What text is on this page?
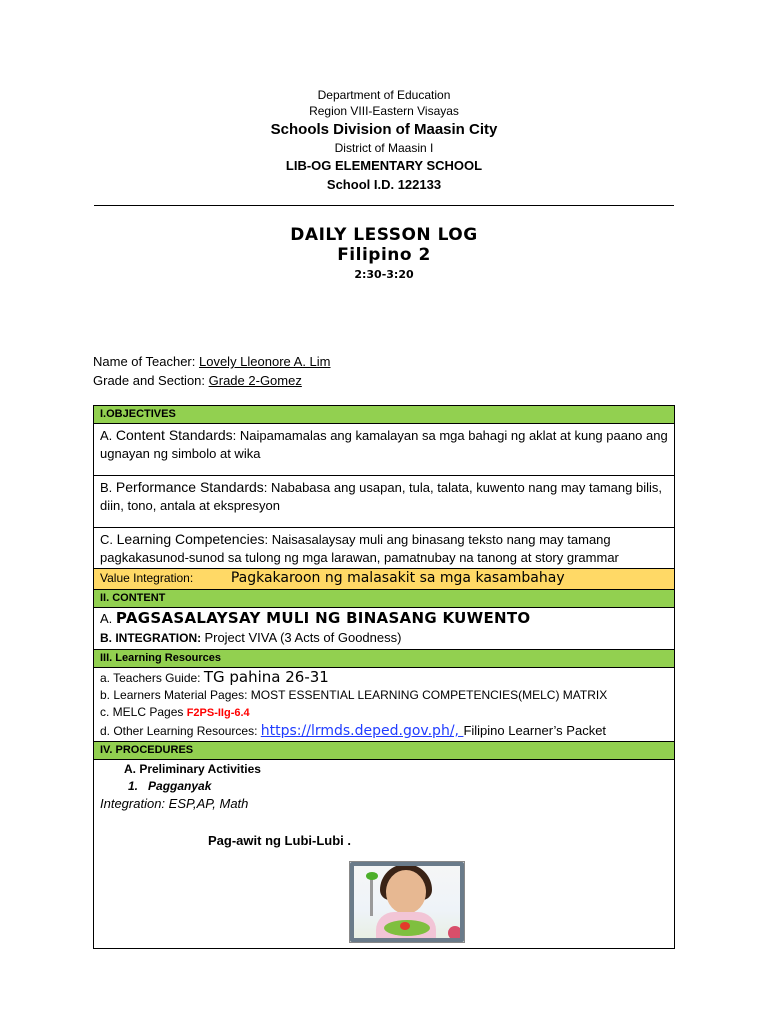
Department of Education
Region VIII-Eastern Visayas
Schools Division of Maasin City
District of Maasin I
LIB-OG ELEMENTARY SCHOOL
School I.D. 122133
DAILY LESSON LOG
Filipino 2
2:30-3:20
Name of Teacher: Lovely Lleonore A. Lim
Grade and Section: Grade 2-Gomez
I.OBJECTIVES
A. Content Standards: Naipamamalas ang kamalayan sa mga bahagi ng aklat at kung paano ang ugnayan ng simbolo at wika
B. Performance Standards: Nababasa ang usapan, tula, talata, kuwento nang may tamang bilis, diin, tono, antala at ekspresyon
C. Learning Competencies: Naisasalaysay muli ang binasang teksto nang may tamang pagkakasunod-sunod sa tulong ng mga larawan, pamatnubay na tanong at story grammar
Value Integration:	Pagkakaroon ng malasakit sa mga kasambahay
II. CONTENT

A. PAGSASALAYSAY MULI NG BINASANG KUWENTO
B. INTEGRATION: Project VIVA (3 Acts of Goodness)

III. Learning Resources

a. Teachers Guide: TG pahina 26-31
b. Learners Material Pages: MOST ESSENTIAL LEARNING COMPETENCIES(MELC) MATRIX
c. MELC Pages F2PS-IIg-6.4
d. Other Learning Resources: https://lrmds.deped.gov.ph/, Filipino Learner’s Packet

IV. PROCEDURES

A. Preliminary Activities
1. Pagganyak
Integration: ESP,AP, Math
Pag-awit ng Lubi-Lubi .
